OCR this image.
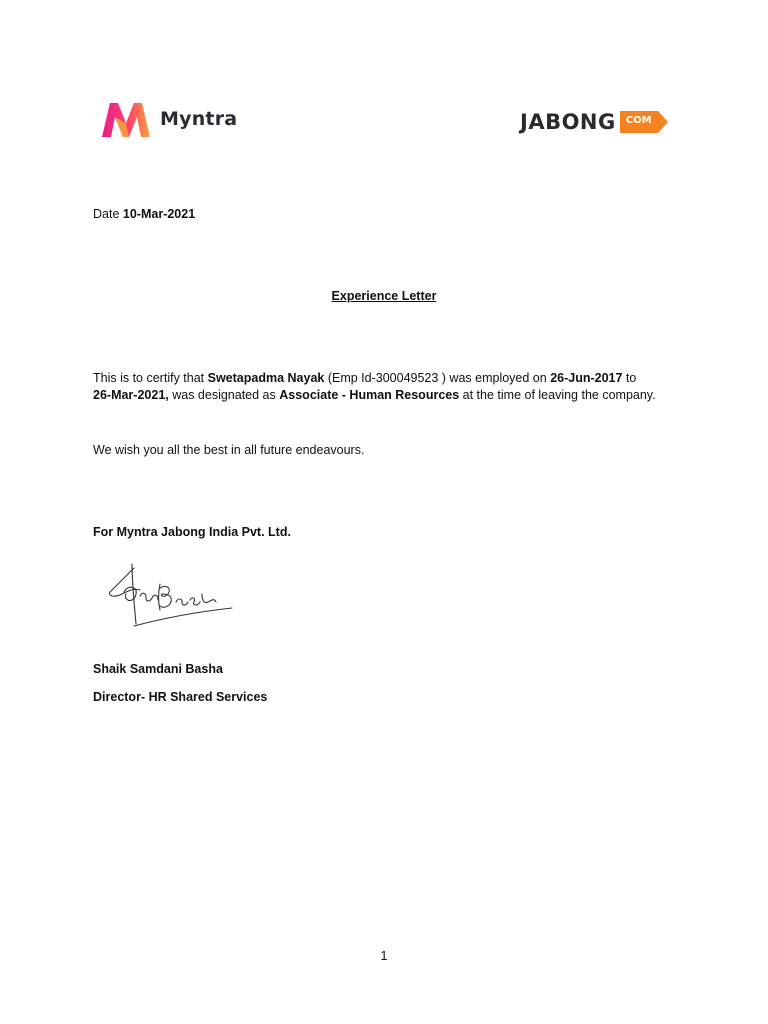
Myntra	JABONG COM
Date 10-Mar-2021
Experience Letter
This is to certify that Swetapadma Nayak (Emp Id-300049523 ) was employed on 26-Jun-2017 to
26-Mar-2021, was designated as Associate - Human Resources at the time of leaving the company.
We wish you all the best in all future endeavours.
For Myntra Jabong India Pvt. Ltd.
Shaik Samdani Basha
Director- HR Shared Services
1
